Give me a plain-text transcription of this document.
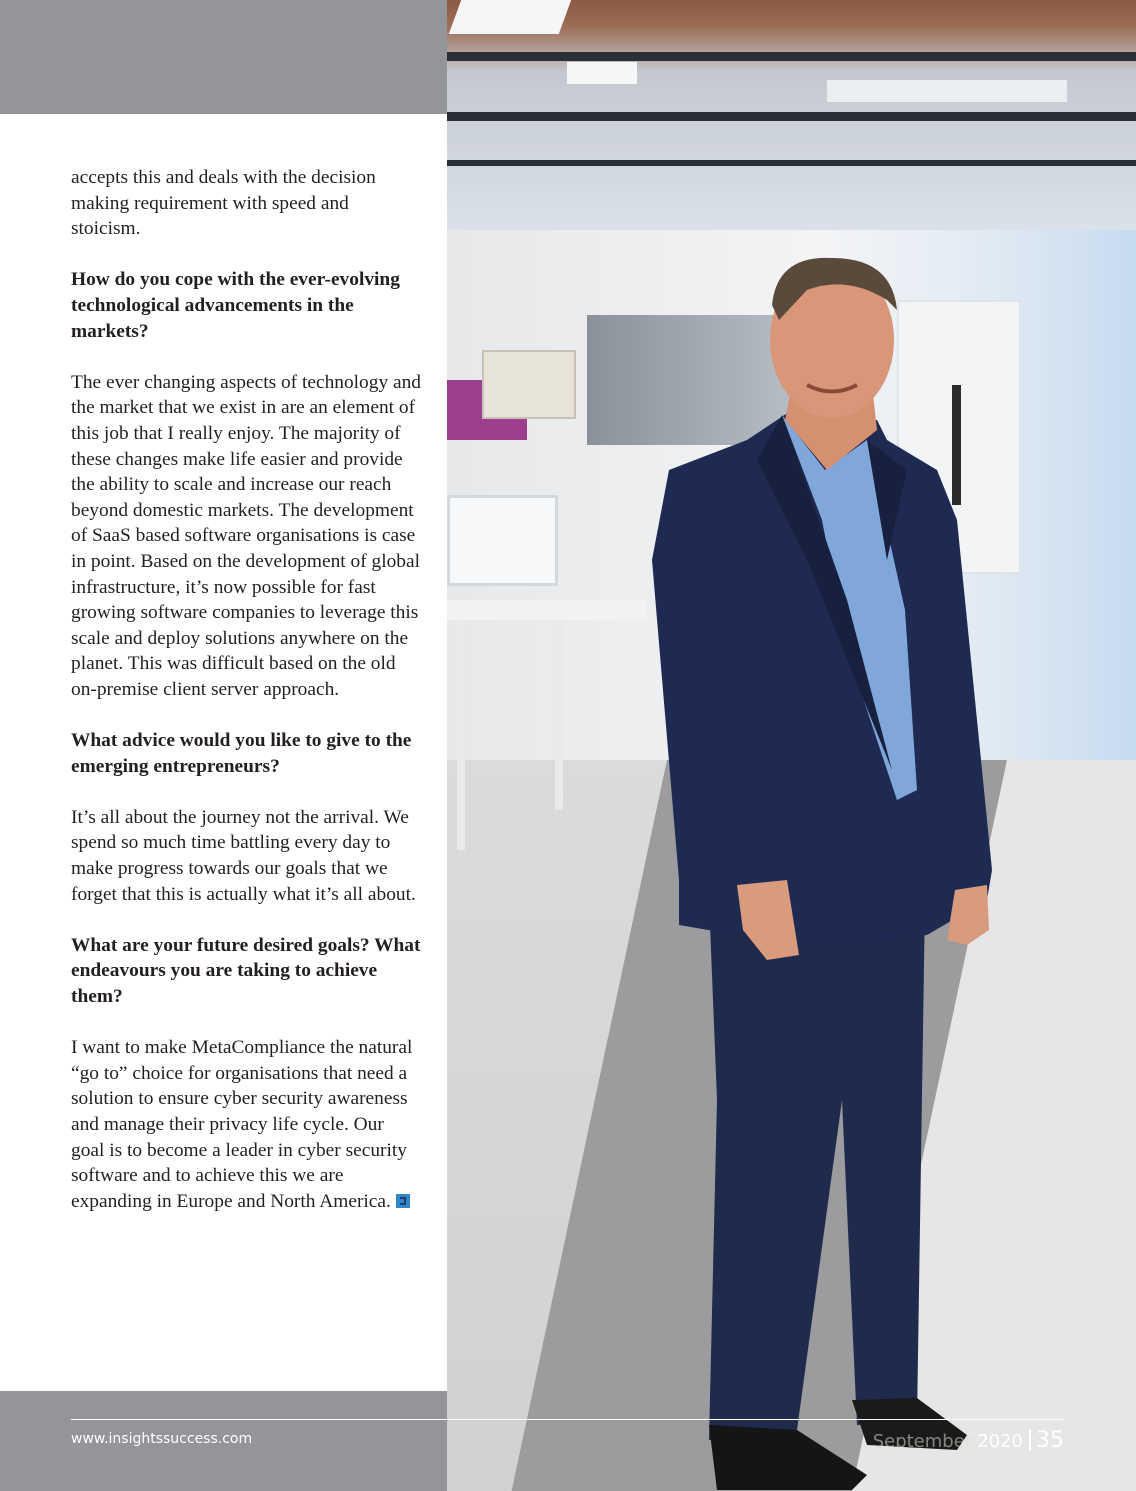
accepts this and deals with the decision making requirement with speed and stoicism.

How do you cope with the ever-evolving technological advancements in the markets?

The ever changing aspects of technology and the market that we exist in are an element of this job that I really enjoy. The majority of these changes make life easier and provide the ability to scale and increase our reach beyond domestic markets. The development of SaaS based software organisations is case in point. Based on the development of global infrastructure, it’s now possible for fast growing software companies to leverage this scale and deploy solutions anywhere on the planet. This was difficult based on the old on-premise client server approach.

What advice would you like to give to the emerging entrepreneurs?

It’s all about the journey not the arrival. We spend so much time battling every day to make progress towards our goals that we forget that this is actually what it’s all about.

What are your future desired goals? What endeavours you are taking to achieve them?

I want to make MetaCompliance the natural “go to” choice for organisations that need a solution to ensure cyber security awareness and manage their privacy life cycle. Our goal is to become a leader in cyber security software and to achieve this we are expanding in Europe and North America.

www.insightssuccess.com	September 2020 35
